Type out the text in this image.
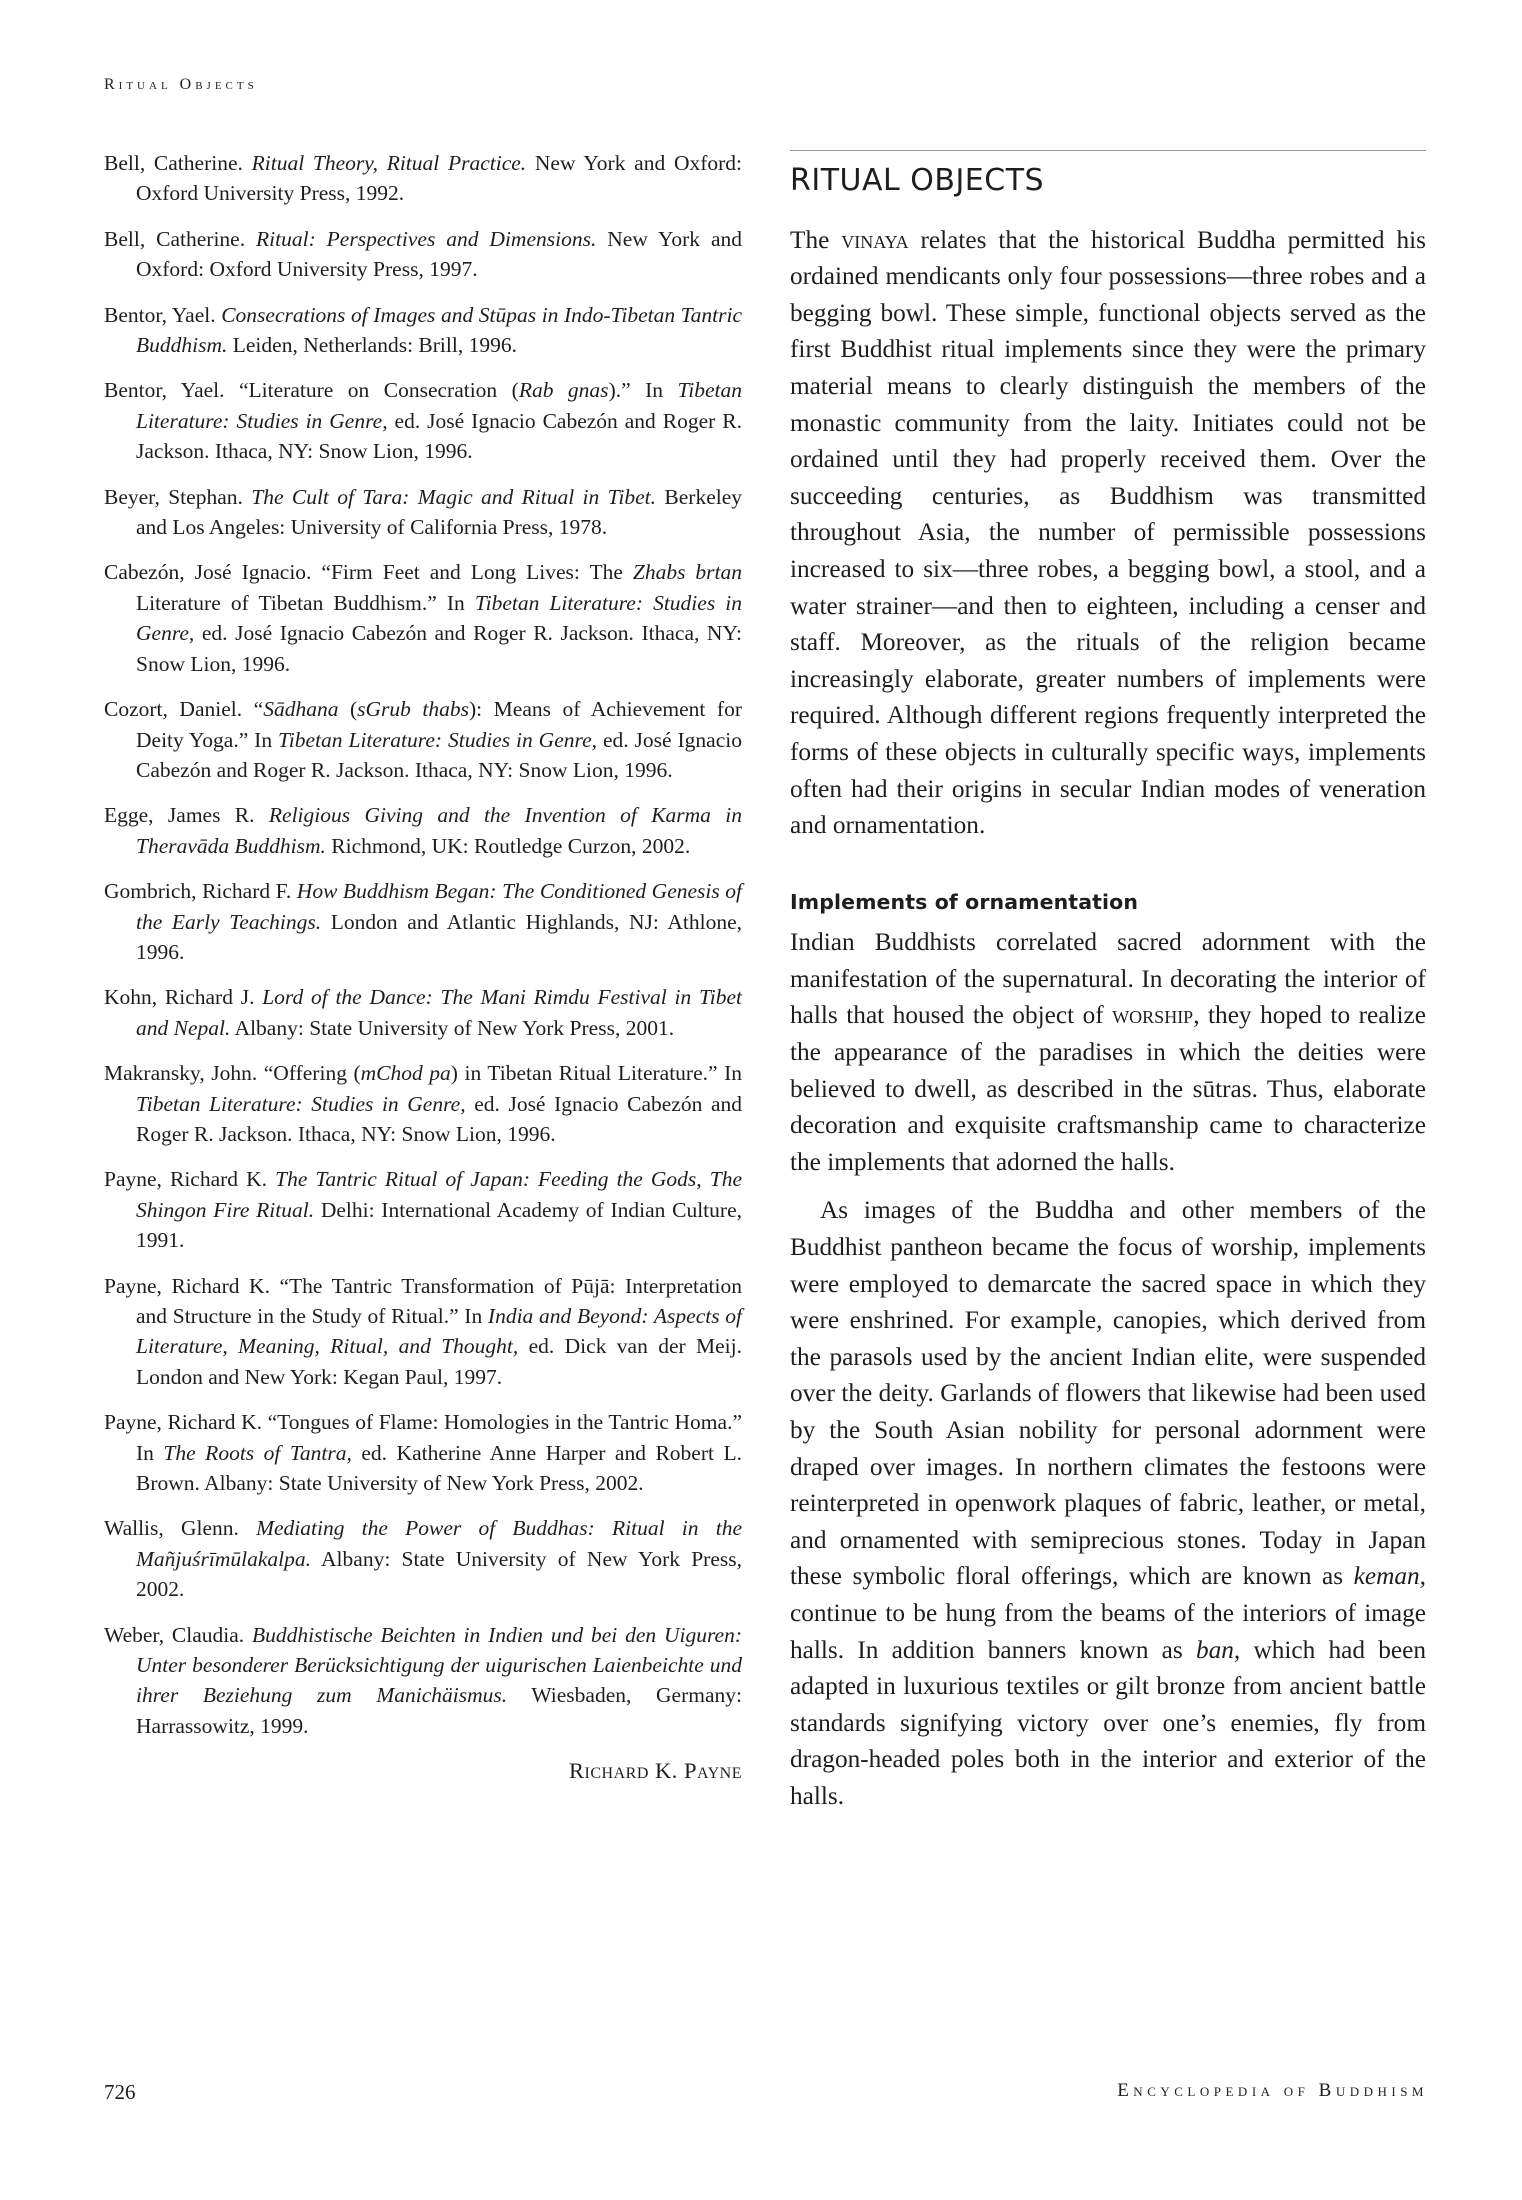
Ritual Objects

Bell, Catherine. Ritual Theory, Ritual Practice. New York and Oxford: Oxford University Press, 1992.

Bell, Catherine. Ritual: Perspectives and Dimensions. New York and Oxford: Oxford University Press, 1997.

Bentor, Yael. Consecrations of Images and Stūpas in Indo-Tibetan Tantric Buddhism. Leiden, Netherlands: Brill, 1996.

Bentor, Yael. “Literature on Consecration (Rab gnas).” In Tibetan Literature: Studies in Genre, ed. José Ignacio Cabezón and Roger R. Jackson. Ithaca, NY: Snow Lion, 1996.

Beyer, Stephan. The Cult of Tara: Magic and Ritual in Tibet. Berkeley and Los Angeles: University of California Press, 1978.

Cabezón, José Ignacio. “Firm Feet and Long Lives: The Zhabs brtan Literature of Tibetan Buddhism.” In Tibetan Literature: Studies in Genre, ed. José Ignacio Cabezón and Roger R. Jackson. Ithaca, NY: Snow Lion, 1996.

Cozort, Daniel. “Sādhana (sGrub thabs): Means of Achievement for Deity Yoga.” In Tibetan Literature: Studies in Genre, ed. José Ignacio Cabezón and Roger R. Jackson. Ithaca, NY: Snow Lion, 1996.

Egge, James R. Religious Giving and the Invention of Karma in Theravāda Buddhism. Richmond, UK: Routledge Curzon, 2002.

Gombrich, Richard F. How Buddhism Began: The Conditioned Genesis of the Early Teachings. London and Atlantic Highlands, NJ: Athlone, 1996.

Kohn, Richard J. Lord of the Dance: The Mani Rimdu Festival in Tibet and Nepal. Albany: State University of New York Press, 2001.

Makransky, John. “Offering (mChod pa) in Tibetan Ritual Literature.” In Tibetan Literature: Studies in Genre, ed. José Ignacio Cabezón and Roger R. Jackson. Ithaca, NY: Snow Lion, 1996.

Payne, Richard K. The Tantric Ritual of Japan: Feeding the Gods, The Shingon Fire Ritual. Delhi: International Academy of Indian Culture, 1991.

Payne, Richard K. “The Tantric Transformation of Pūjā: Interpretation and Structure in the Study of Ritual.” In India and Beyond: Aspects of Literature, Meaning, Ritual, and Thought, ed. Dick van der Meij. London and New York: Kegan Paul, 1997.

Payne, Richard K. “Tongues of Flame: Homologies in the Tantric Homa.” In The Roots of Tantra, ed. Katherine Anne Harper and Robert L. Brown. Albany: State University of New York Press, 2002.

Wallis, Glenn. Mediating the Power of Buddhas: Ritual in the Mañjuśrīmūlakalpa. Albany: State University of New York Press, 2002.

Weber, Claudia. Buddhistische Beichten in Indien und bei den Uiguren: Unter besonderer Berücksichtigung der uigurischen Laienbeichte und ihrer Beziehung zum Manichäismus. Wiesbaden, Germany: Harrassowitz, 1999.

Richard K. Payne
RITUAL OBJECTS

The vinaya relates that the historical Buddha permitted his ordained mendicants only four possessions—three robes and a begging bowl. These simple, functional objects served as the first Buddhist ritual implements since they were the primary material means to clearly distinguish the members of the monastic community from the laity. Initiates could not be ordained until they had properly received them. Over the succeeding centuries, as Buddhism was transmitted throughout Asia, the number of permissible possessions increased to six—three robes, a begging bowl, a stool, and a water strainer—and then to eighteen, including a censer and staff. Moreover, as the rituals of the religion became increasingly elaborate, greater numbers of implements were required. Although different regions frequently interpreted the forms of these objects in culturally specific ways, implements often had their origins in secular Indian modes of veneration and ornamentation.

Implements of ornamentation

Indian Buddhists correlated sacred adornment with the manifestation of the supernatural. In decorating the interior of halls that housed the object of worship, they hoped to realize the appearance of the paradises in which the deities were believed to dwell, as described in the sūtras. Thus, elaborate decoration and exquisite craftsmanship came to characterize the implements that adorned the halls.

As images of the Buddha and other members of the Buddhist pantheon became the focus of worship, implements were employed to demarcate the sacred space in which they were enshrined. For example, canopies, which derived from the parasols used by the ancient Indian elite, were suspended over the deity. Garlands of flowers that likewise had been used by the South Asian nobility for personal adornment were draped over images. In northern climates the festoons were reinterpreted in openwork plaques of fabric, leather, or metal, and ornamented with semiprecious stones. Today in Japan these symbolic floral offerings, which are known as keman, continue to be hung from the beams of the interiors of image halls. In addition banners known as ban, which had been adapted in luxurious textiles or gilt bronze from ancient battle standards signifying victory over one’s enemies, fly from dragon-headed poles both in the interior and exterior of the halls.

726	Encyclopedia of Buddhism
